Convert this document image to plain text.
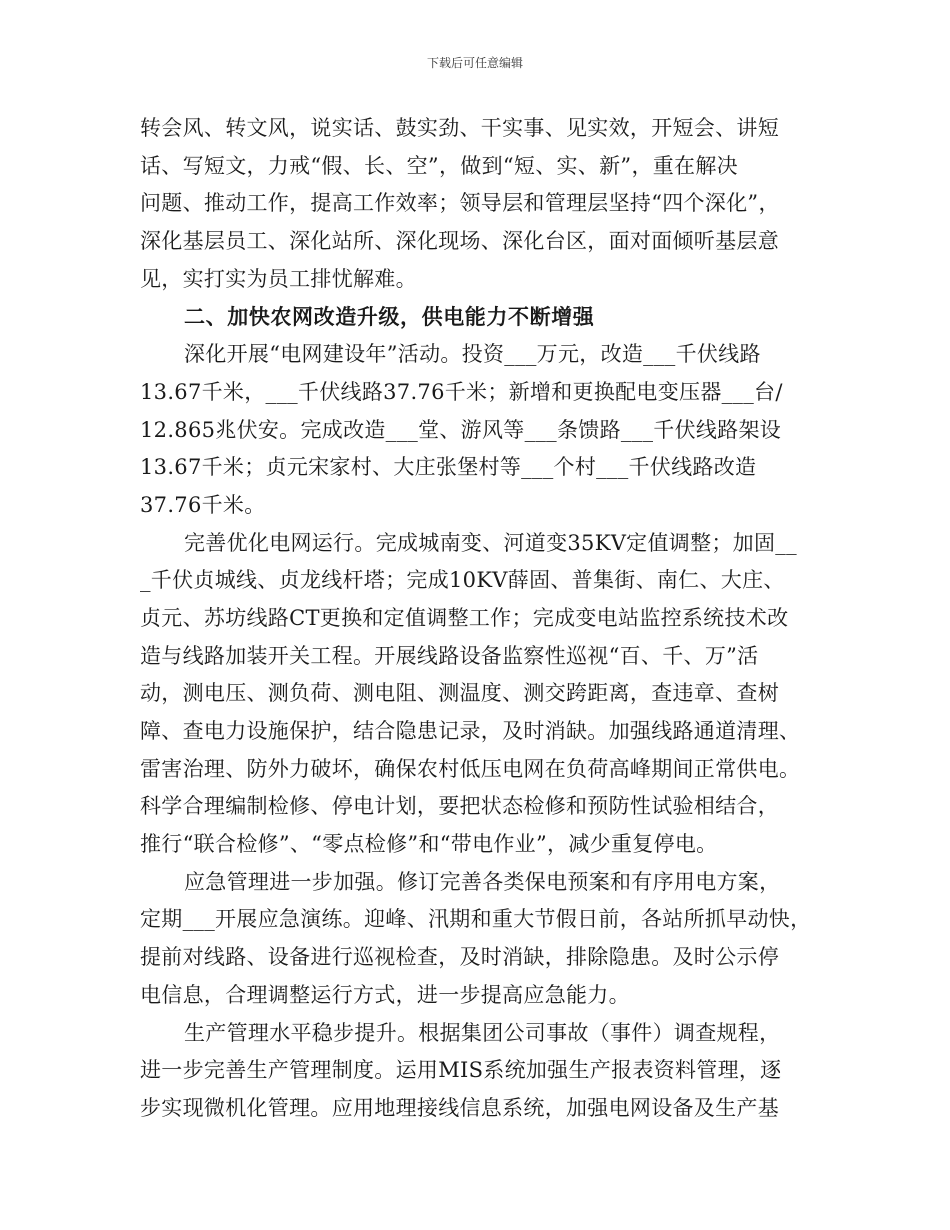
下载后可任意编辑
转会风、转文风，说实话、鼓实劲、干实事、见实效，开短会、讲短
话、写短文，力戒“假、长、空”，做到“短、实、新”，重在解决
问题、推动工作，提高工作效率；领导层和管理层坚持“四个深化”，
深化基层员工、深化站所、深化现场、深化台区，面对面倾听基层意
见，实打实为员工排忧解难。
二、加快农网改造升级，供电能力不断增强
深化开展“电网建设年”活动。投资___万元，改造___千伏线路
13.67千米，___千伏线路37.76千米；新增和更换配电变压器___台/
12.865兆伏安。完成改造___堂、游风等___条馈路___千伏线路架设
13.67千米；贞元宋家村、大庄张堡村等___个村___千伏线路改造
37.76千米。
完善优化电网运行。完成城南变、河道变35KV定值调整；加固__
_千伏贞城线、贞龙线杆塔；完成10KV薛固、普集街、南仁、大庄、
贞元、苏坊线路CT更换和定值调整工作；完成变电站监控系统技术改
造与线路加装开关工程。开展线路设备监察性巡视“百、千、万”活
动，测电压、测负荷、测电阻、测温度、测交跨距离，查违章、查树
障、查电力设施保护，结合隐患记录，及时消缺。加强线路通道清理、
雷害治理、防外力破坏，确保农村低压电网在负荷高峰期间正常供电。
科学合理编制检修、停电计划，要把状态检修和预防性试验相结合，
推行“联合检修”、“零点检修”和“带电作业”，减少重复停电。
应急管理进一步加强。修订完善各类保电预案和有序用电方案，
定期___开展应急演练。迎峰、汛期和重大节假日前，各站所抓早动快，
提前对线路、设备进行巡视检查，及时消缺，排除隐患。及时公示停
电信息，合理调整运行方式，进一步提高应急能力。
生产管理水平稳步提升。根据集团公司事故（事件）调查规程，
进一步完善生产管理制度。运用MIS系统加强生产报表资料管理，逐
步实现微机化管理。应用地理接线信息系统，加强电网设备及生产基
